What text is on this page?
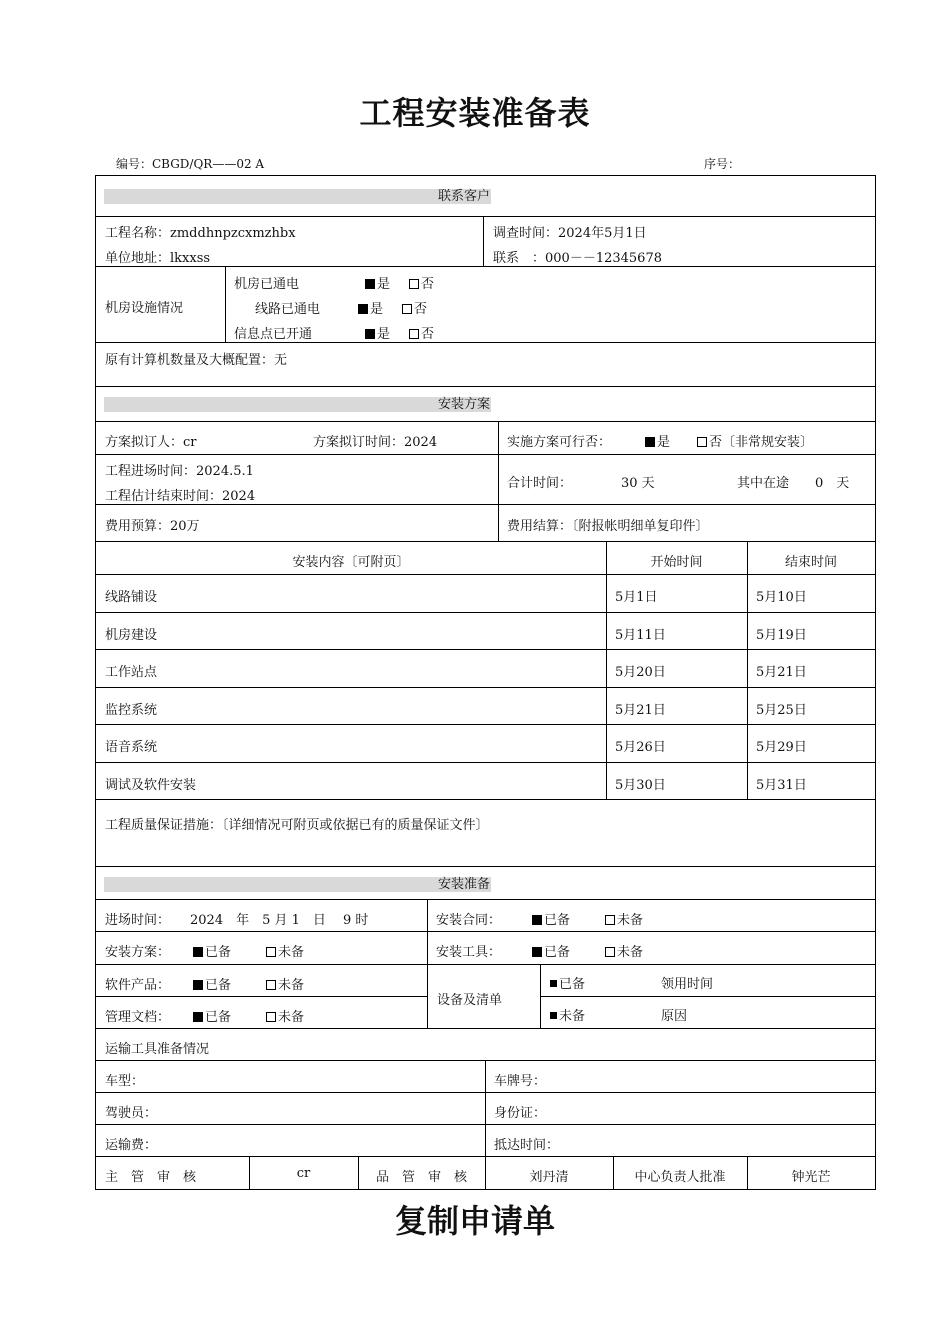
工程安装准备表
编号：CBGD/QR——02 A	序号：
联系客户
工程名称：zmddhnpzcxmzhbx	调查时间：2024年5月1日
单位地址：lkxxss	联系　：000－－12345678
机房设施情况
机房已通电	是	否
线路已通电	是	否
信息点已开通	是	否
原有计算机数量及大概配置：无
安装方案
方案拟订人：cr	方案拟订时间：2024	实施方案可行否：	是	否〔非常规安装〕
工程进场时间：2024.5.1
工程估计结束时间：2024
合计时间：	30 天	其中在途 0　天
费用预算：20万	费用结算：〔附报帐明细单复印件〕
安装内容〔可附页〕	开始时间	结束时间
线路铺设	5月1日	5月10日
机房建设	5月11日	5月19日
工作站点	5月20日	5月21日
监控系统	5月21日	5月25日
语音系统	5月26日	5月29日
调试及软件安装	5月30日	5月31日
工程质量保证措施：〔详细情况可附页或依据已有的质量保证文件〕
安装准备
进场时间： 2024　年　5 月 1　日　 9 时	安装合同：	已备	未备
安装方案：	已备	未备	安装工具：	已备	未备
软件产品：	已备	未备
管理文档：	已备	未备
设备及清单
已备	领用时间
未备	原因
运输工具准备情况
车型：	车牌号：
驾驶员：	身份证：
运输费：	抵达时间：
主　管　审　核	cr	品　管　审　核	刘丹清	中心负责人批准	钟光芒
复制申请单
